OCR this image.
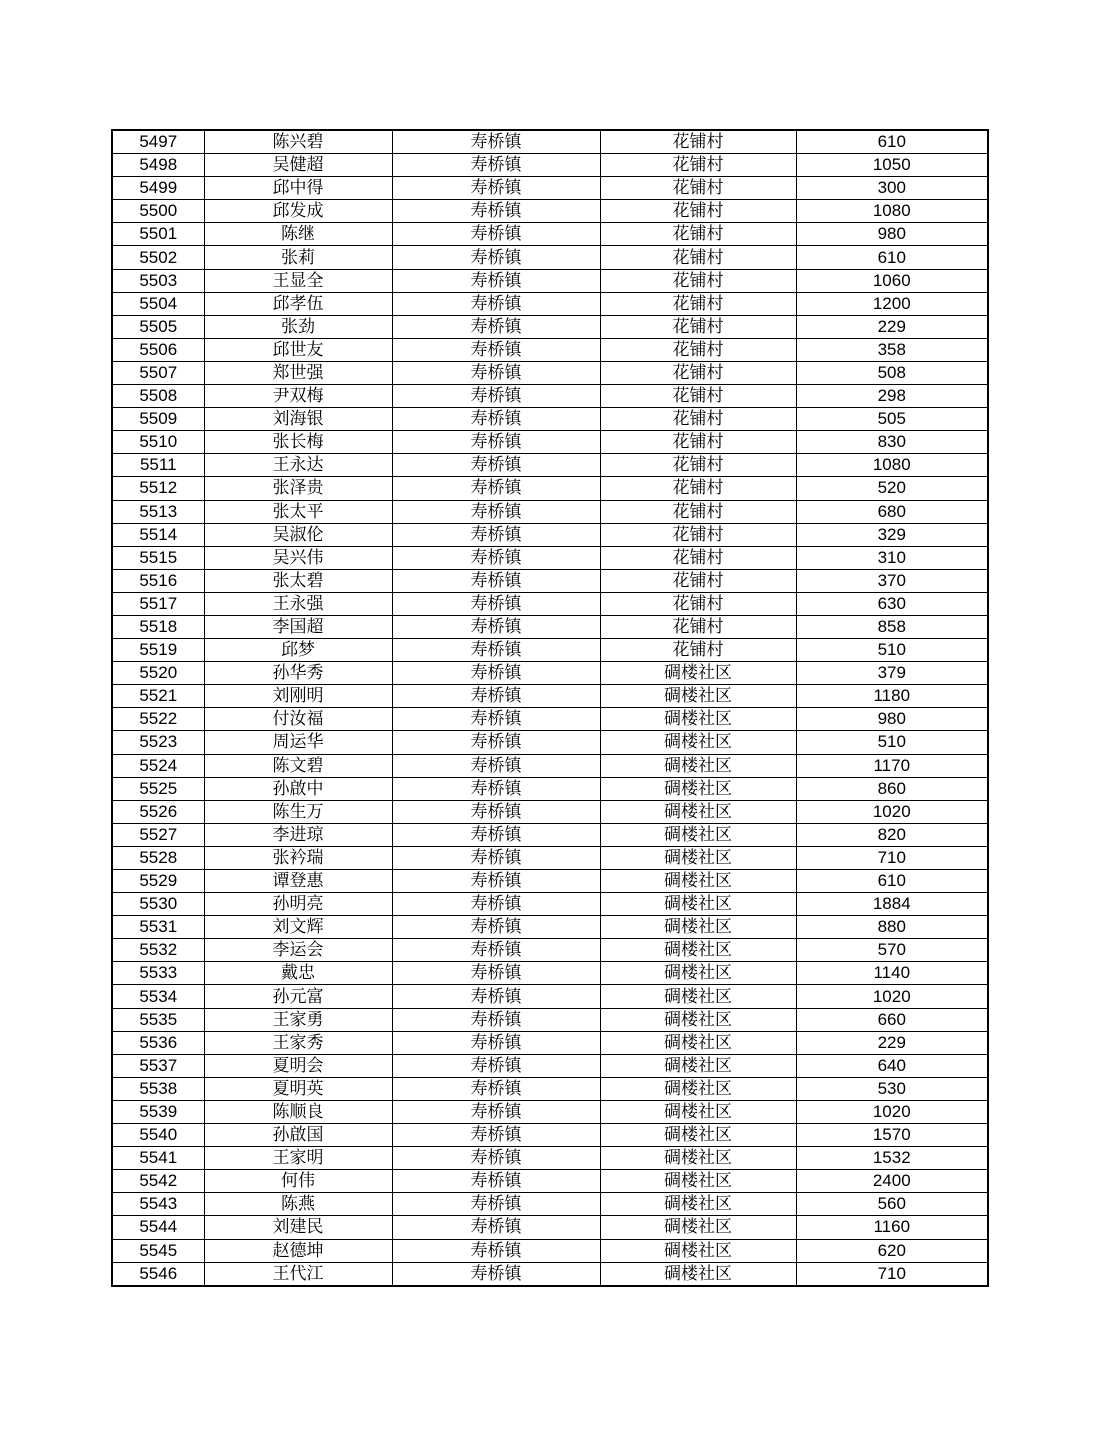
5497	陈兴碧	寿桥镇	花铺村	610
5498	吴健超	寿桥镇	花铺村	1050
5499	邱中得	寿桥镇	花铺村	300
5500	邱发成	寿桥镇	花铺村	1080
5501	陈继	寿桥镇	花铺村	980
5502	张莉	寿桥镇	花铺村	610
5503	王显全	寿桥镇	花铺村	1060
5504	邱孝伍	寿桥镇	花铺村	1200
5505	张劲	寿桥镇	花铺村	229
5506	邱世友	寿桥镇	花铺村	358
5507	郑世强	寿桥镇	花铺村	508
5508	尹双梅	寿桥镇	花铺村	298
5509	刘海银	寿桥镇	花铺村	505
5510	张长梅	寿桥镇	花铺村	830
5511	王永达	寿桥镇	花铺村	1080
5512	张泽贵	寿桥镇	花铺村	520
5513	张太平	寿桥镇	花铺村	680
5514	吴淑伦	寿桥镇	花铺村	329
5515	吴兴伟	寿桥镇	花铺村	310
5516	张太碧	寿桥镇	花铺村	370
5517	王永强	寿桥镇	花铺村	630
5518	李国超	寿桥镇	花铺村	858
5519	邱梦	寿桥镇	花铺村	510
5520	孙华秀	寿桥镇	碉楼社区	379
5521	刘刚明	寿桥镇	碉楼社区	1180
5522	付汝福	寿桥镇	碉楼社区	980
5523	周运华	寿桥镇	碉楼社区	510
5524	陈文碧	寿桥镇	碉楼社区	1170
5525	孙啟中	寿桥镇	碉楼社区	860
5526	陈生万	寿桥镇	碉楼社区	1020
5527	李进琼	寿桥镇	碉楼社区	820
5528	张衿瑞	寿桥镇	碉楼社区	710
5529	谭登惠	寿桥镇	碉楼社区	610
5530	孙明亮	寿桥镇	碉楼社区	1884
5531	刘文辉	寿桥镇	碉楼社区	880
5532	李运会	寿桥镇	碉楼社区	570
5533	戴忠	寿桥镇	碉楼社区	1140
5534	孙元富	寿桥镇	碉楼社区	1020
5535	王家勇	寿桥镇	碉楼社区	660
5536	王家秀	寿桥镇	碉楼社区	229
5537	夏明会	寿桥镇	碉楼社区	640
5538	夏明英	寿桥镇	碉楼社区	530
5539	陈顺良	寿桥镇	碉楼社区	1020
5540	孙啟国	寿桥镇	碉楼社区	1570
5541	王家明	寿桥镇	碉楼社区	1532
5542	何伟	寿桥镇	碉楼社区	2400
5543	陈燕	寿桥镇	碉楼社区	560
5544	刘建民	寿桥镇	碉楼社区	1160
5545	赵德坤	寿桥镇	碉楼社区	620
5546	王代江	寿桥镇	碉楼社区	710
